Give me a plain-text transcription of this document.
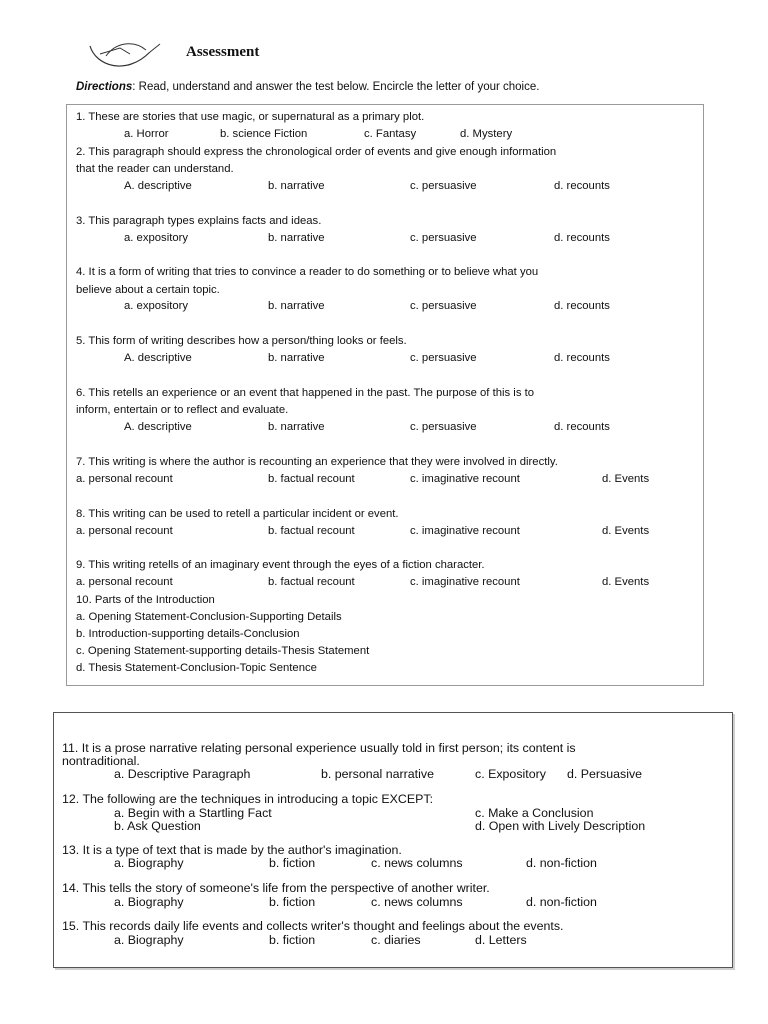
Assessment
Directions: Read, understand and answer the test below. Encircle the letter of your choice.
1. These are stories that use magic, or supernatural as a primary plot.
a. Horror	b. science Fiction	c. Fantasy	d. Mystery
2. This paragraph should express the chronological order of events and give enough information
that the reader can understand.
A. descriptive	b. narrative	c. persuasive	d. recounts
3. This paragraph types explains facts and ideas.
a. expository	b. narrative	c. persuasive	d. recounts
4. It is a form of writing that tries to convince a reader to do something or to believe what you
believe about a certain topic.
a. expository	b. narrative	c. persuasive	d. recounts
5. This form of writing describes how a person/thing looks or feels.
A. descriptive	b. narrative	c. persuasive	d. recounts
6. This retells an experience or an event that happened in the past. The purpose of this is to
inform, entertain or to reflect and evaluate.
A. descriptive	b. narrative	c. persuasive	d. recounts
7. This writing is where the author is recounting an experience that they were involved in directly.
a. personal recount	b. factual recount	c. imaginative recount	d. Events
8. This writing can be used to retell a particular incident or event.
a. personal recount	b. factual recount	c. imaginative recount	d. Events
9. This writing retells of an imaginary event through the eyes of a fiction character.
a. personal recount	b. factual recount	c. imaginative recount	d. Events
10. Parts of the Introduction
a. Opening Statement-Conclusion-Supporting Details
b. Introduction-supporting details-Conclusion
c. Opening Statement-supporting details-Thesis Statement
d. Thesis Statement-Conclusion-Topic Sentence
11. It is a prose narrative relating personal experience usually told in first person; its content is
nontraditional.
a. Descriptive Paragraph	b. personal narrative	c. Expository d. Persuasive
12. The following are the techniques in introducing a topic EXCEPT:
a. Begin with a Startling Fact	c. Make a Conclusion
b. Ask Question	d. Open with Lively Description
13. It is a type of text that is made by the author's imagination.
a. Biography	b. fiction	c. news columns	d. non-fiction
14. This tells the story of someone's life from the perspective of another writer.
a. Biography	b. fiction	c. news columns	d. non-fiction
15. This records daily life events and collects writer's thought and feelings about the events.
a. Biography	b. fiction	c. diaries	d. Letters
